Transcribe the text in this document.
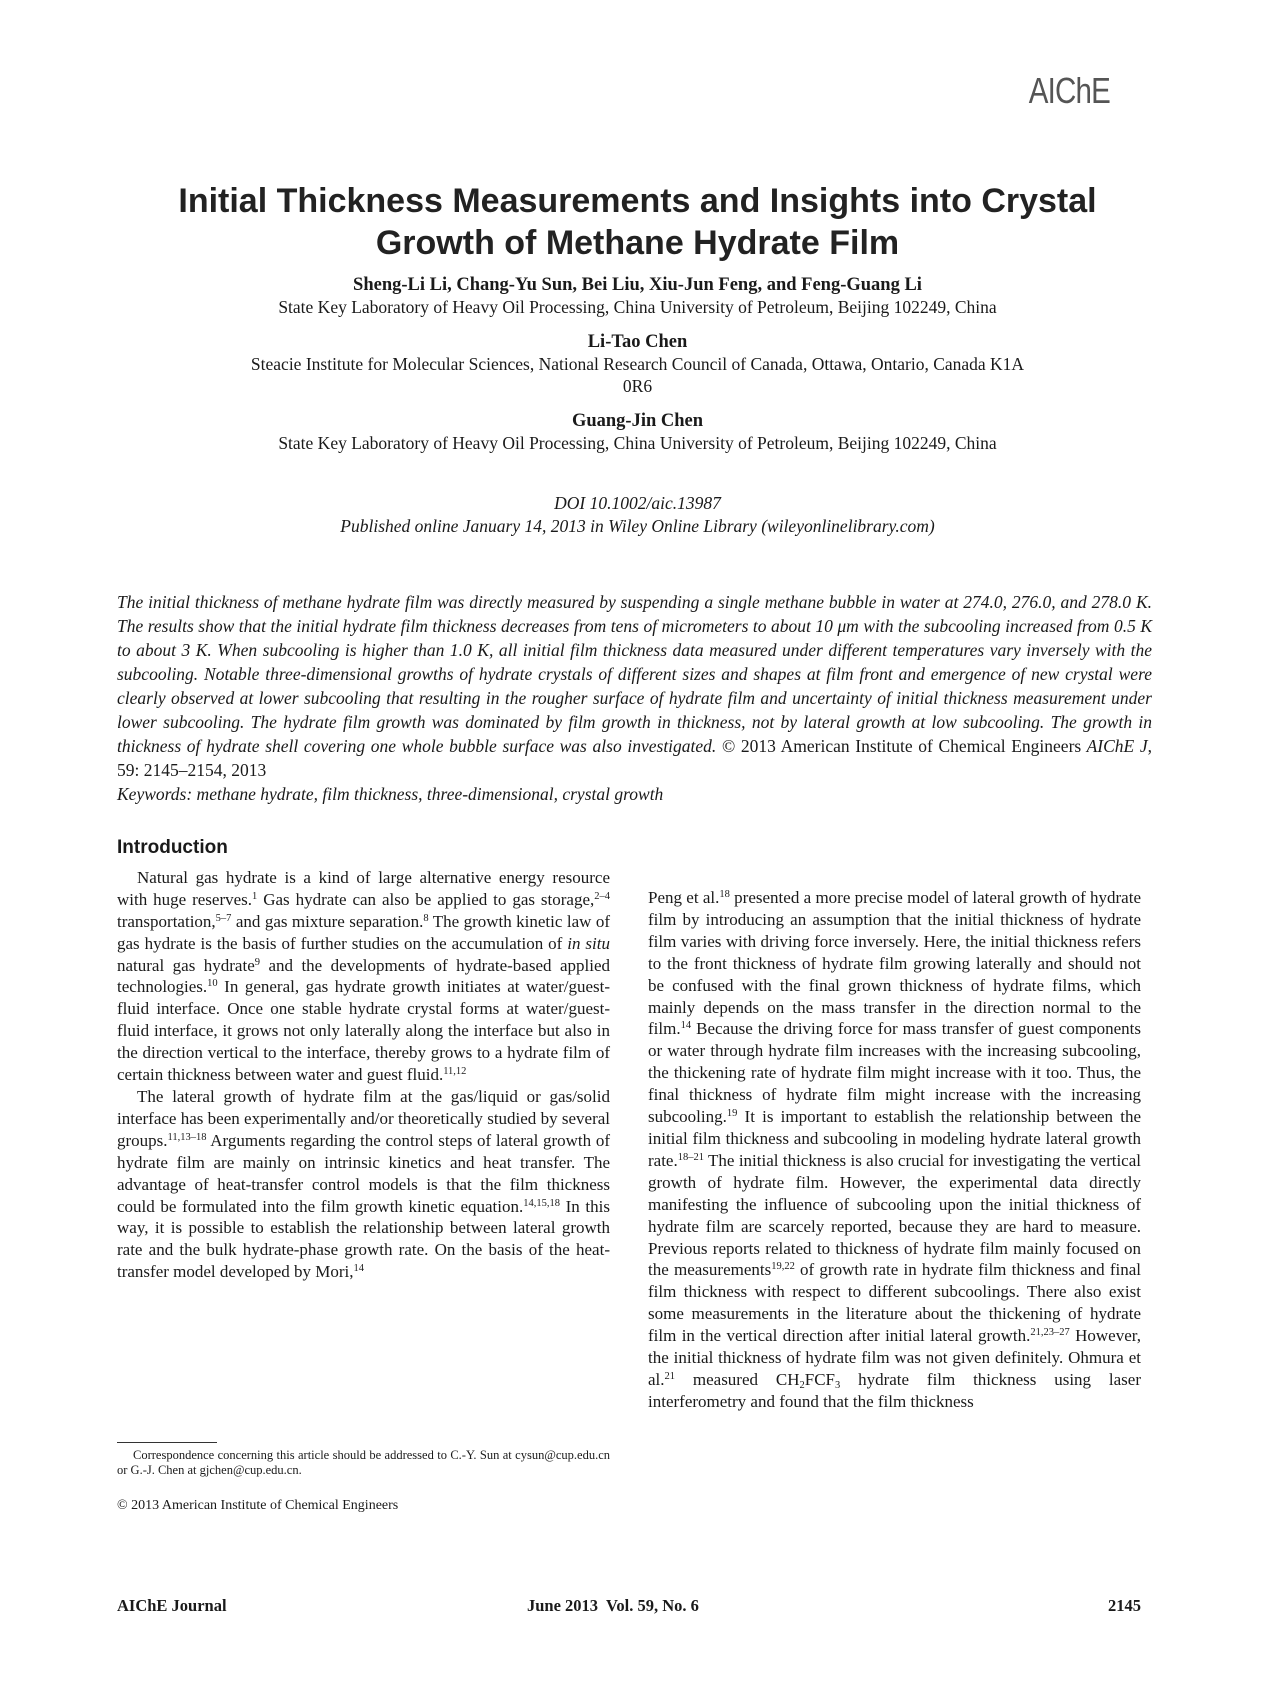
AIChE
Initial Thickness Measurements and Insights into Crystal
Growth of Methane Hydrate Film
Sheng-Li Li, Chang-Yu Sun, Bei Liu, Xiu-Jun Feng, and Feng-Guang Li
State Key Laboratory of Heavy Oil Processing, China University of Petroleum, Beijing 102249, China
Li-Tao Chen
Steacie Institute for Molecular Sciences, National Research Council of Canada, Ottawa, Ontario, Canada K1A
0R6
Guang-Jin Chen
State Key Laboratory of Heavy Oil Processing, China University of Petroleum, Beijing 102249, China
DOI 10.1002/aic.13987
Published online January 14, 2013 in Wiley Online Library (wileyonlinelibrary.com)
The initial thickness of methane hydrate film was directly measured by suspending a single methane bubble in water at 274.0, 276.0, and 278.0 K. The results show that the initial hydrate film thickness decreases from tens of micrometers to about 10 μm with the subcooling increased from 0.5 K to about 3 K. When subcooling is higher than 1.0 K, all initial film thickness data measured under different temperatures vary inversely with the subcooling. Notable three-dimensional growths of hydrate crystals of different sizes and shapes at film front and emergence of new crystal were clearly observed at lower subcooling that resulting in the rougher surface of hydrate film and uncertainty of initial thickness measurement under lower subcooling. The hydrate film growth was dominated by film growth in thickness, not by lateral growth at low subcooling. The growth in thickness of hydrate shell covering one whole bubble surface was also investigated. © 2013 American Institute of Chemical Engineers AIChE J, 59: 2145–2154, 2013
Keywords: methane hydrate, film thickness, three-dimensional, crystal growth
Introduction

Natural gas hydrate is a kind of large alternative energy resource with huge reserves.$^1$ Gas hydrate can also be applied to gas storage,$^{2-4}$ transportation,$^{5-7}$ and gas mixture separation.$^8$ The growth kinetic law of gas hydrate is the basis of further studies on the accumulation of in situ natural gas hydrate$^9$ and the developments of hydrate-based applied technologies.$^{10}$ In general, gas hydrate growth initiates at water/guest-fluid interface. Once one stable hydrate crystal forms at water/guest-fluid interface, it grows not only laterally along the interface but also in the direction vertical to the interface, thereby grows to a hydrate film of certain thickness between water and guest fluid.$^{11,12}$

The lateral growth of hydrate film at the gas/liquid or gas/solid interface has been experimentally and/or theoretically studied by several groups.$^{11,13-18}$ Arguments regarding the control steps of lateral growth of hydrate film are mainly on intrinsic kinetics and heat transfer. The advantage of heat-transfer control models is that the film thickness could be formulated into the film growth kinetic equation.$^{14,15,18}$ In this way, it is possible to establish the relationship between lateral growth rate and the bulk hydrate-phase growth rate. On the basis of the heat-transfer model developed by Mori,$^{14}$

Peng et al.$^{18}$ presented a more precise model of lateral growth of hydrate film by introducing an assumption that the initial thickness of hydrate film varies with driving force inversely. Here, the initial thickness refers to the front thickness of hydrate film growing laterally and should not be confused with the final grown thickness of hydrate films, which mainly depends on the mass transfer in the direction normal to the film.$^{14}$ Because the driving force for mass transfer of guest components or water through hydrate film increases with the increasing subcooling, the thickening rate of hydrate film might increase with it too. Thus, the final thickness of hydrate film might increase with the increasing subcooling.$^{19}$ It is important to establish the relationship between the initial film thickness and subcooling in modeling hydrate lateral growth rate.$^{18-21}$ The initial thickness is also crucial for investigating the vertical growth of hydrate film. However, the experimental data directly manifesting the influence of subcooling upon the initial thickness of hydrate film are scarcely reported, because they are hard to measure. Previous reports related to thickness of hydrate film mainly focused on the measurements$^{19,22}$ of growth rate in hydrate film thickness and final film thickness with respect to different subcoolings. There also exist some measurements in the literature about the thickening of hydrate film in the vertical direction after initial lateral growth.$^{21,23-27}$ However, the initial thickness of hydrate film was not given definitely. Ohmura et al.$^{21}$ measured $CH_2FCF_3$ hydrate film thickness using laser interferometry and found that the film thickness

Correspondence concerning this article should be addressed to C.-Y. Sun at cysun@cup.edu.cn or G.-J. Chen at gjchen@cup.edu.cn.
© 2013 American Institute of Chemical Engineers
AIChE Journal	June 2013  Vol. 59, No. 6	2145
